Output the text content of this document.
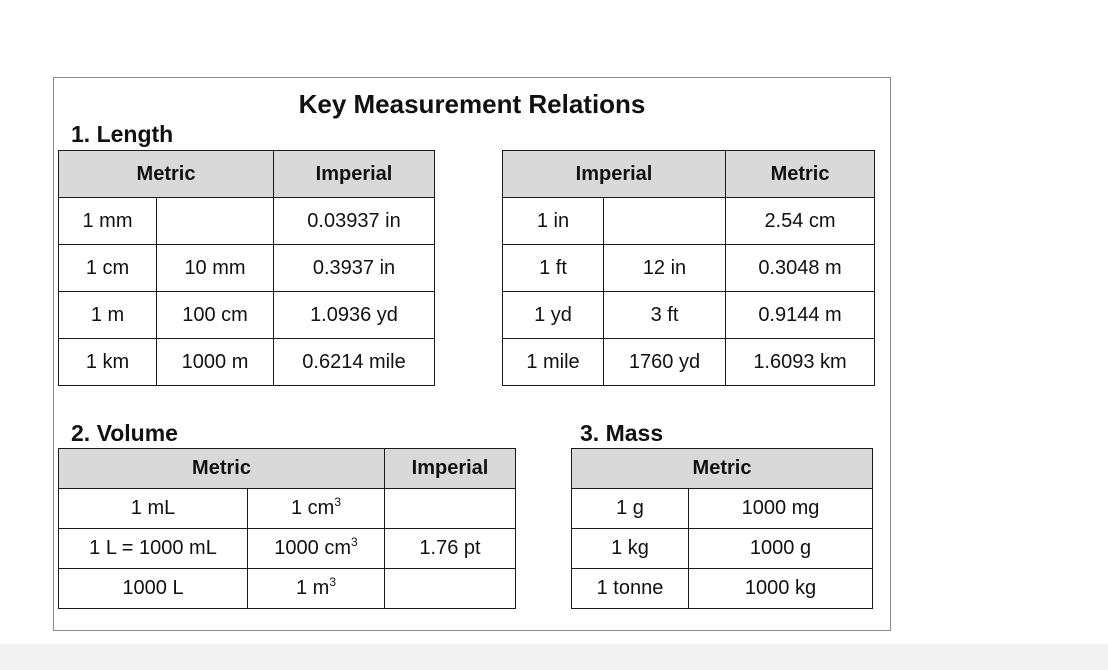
Key Measurement Relations
1. Length
Metric		Imperial
1 mm		0.03937 in
1 cm	10 mm	0.3937 in
1 m	100 cm	1.0936 yd
1 km	1000 m	0.6214 mile
Imperial		Metric
1 in		2.54 cm
1 ft	12 in	0.3048 m
1 yd	3 ft	0.9144 m
1 mile	1760 yd	1.6093 km
2. Volume
Metric		Imperial
1 mL	1 $cm^3$	
1 L = 1000 mL	1000 $cm^3$	1.76 pt
1000 L	1 $m^3$	
3. Mass
Metric	
1 g	1000 mg
1 kg	1000 g
1 tonne	1000 kg
